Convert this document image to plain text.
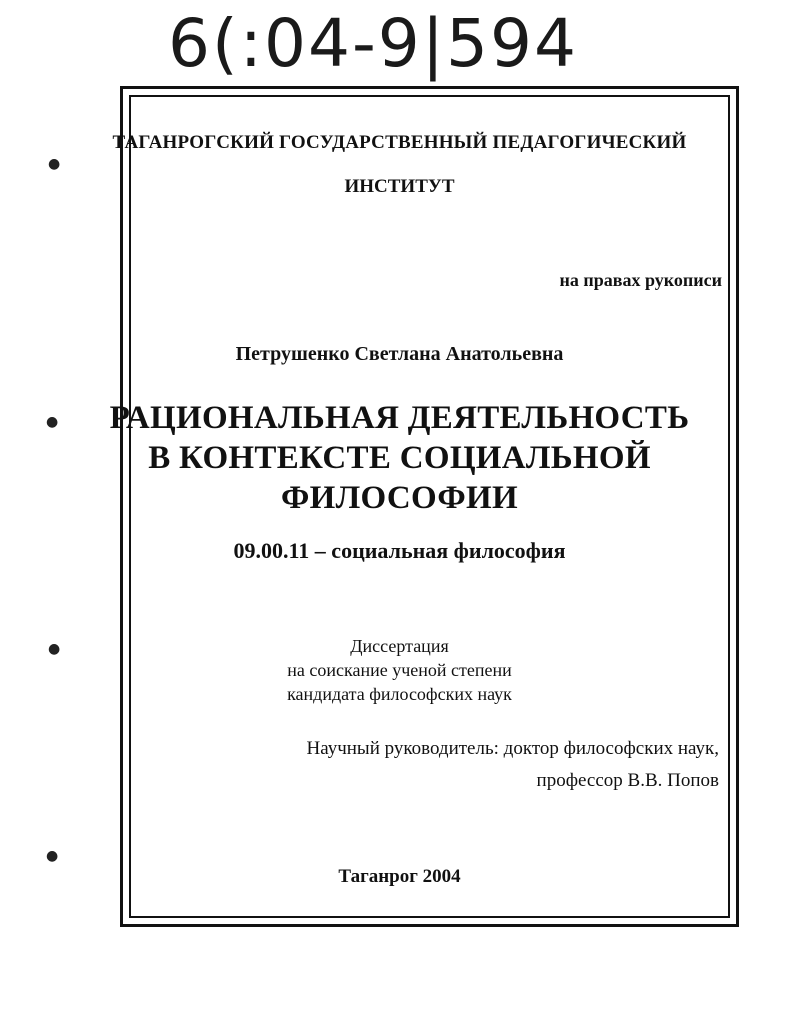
6(:04-9|594
●
●
●
●

ТАГАНРОГСКИЙ ГОСУДАРСТВЕННЫЙ ПЕДАГОГИЧЕСКИЙ

ИНСТИТУТ

на правах рукописи

Петрушенко Светлана Анатольевна

РАЦИОНАЛЬНАЯ ДЕЯТЕЛЬНОСТЬ

В КОНТЕКСТЕ СОЦИАЛЬНОЙ

ФИЛОСОФИИ

09.00.11 – социальная философия

Диссертация

на соискание ученой степени

кандидата философских наук

Научный руководитель: доктор философских наук,

профессор В.В. Попов

Таганрог 2004
